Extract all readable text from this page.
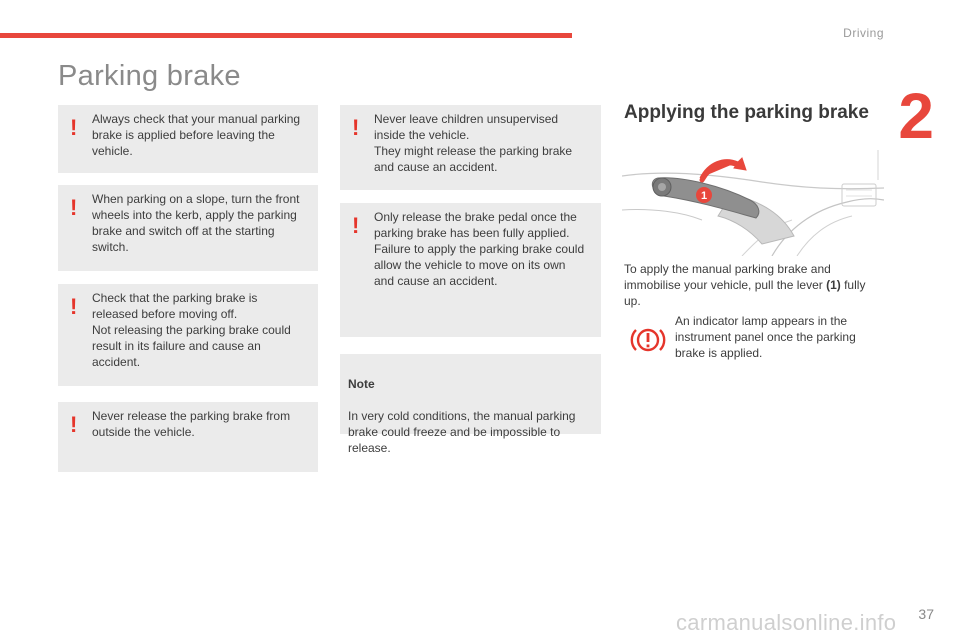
Driving
2
Parking brake
! Always check that your manual parking
brake is applied before leaving the
vehicle.
! When parking on a slope, turn the front
wheels into the kerb, apply the parking
brake and switch off at the starting
switch.
! Check that the parking brake is
released before moving off.
Not releasing the parking brake could
result in its failure and cause an
accident.
! Never release the parking brake from
outside the vehicle.
! Never leave children unsupervised
inside the vehicle.
They might release the parking brake
and cause an accident.
! Only release the brake pedal once the
parking brake has been fully applied.
Failure to apply the parking brake could
allow the vehicle to move on its own
and cause an accident.

Note

In very cold conditions, the manual parking
brake could freeze and be impossible to
release.

Applying the parking brake
1
To apply the manual parking brake and immobilise your vehicle, pull the lever (1) fully up.
An indicator lamp appears in the
instrument panel once the parking
brake is applied.
carmanualsonline.info 37
